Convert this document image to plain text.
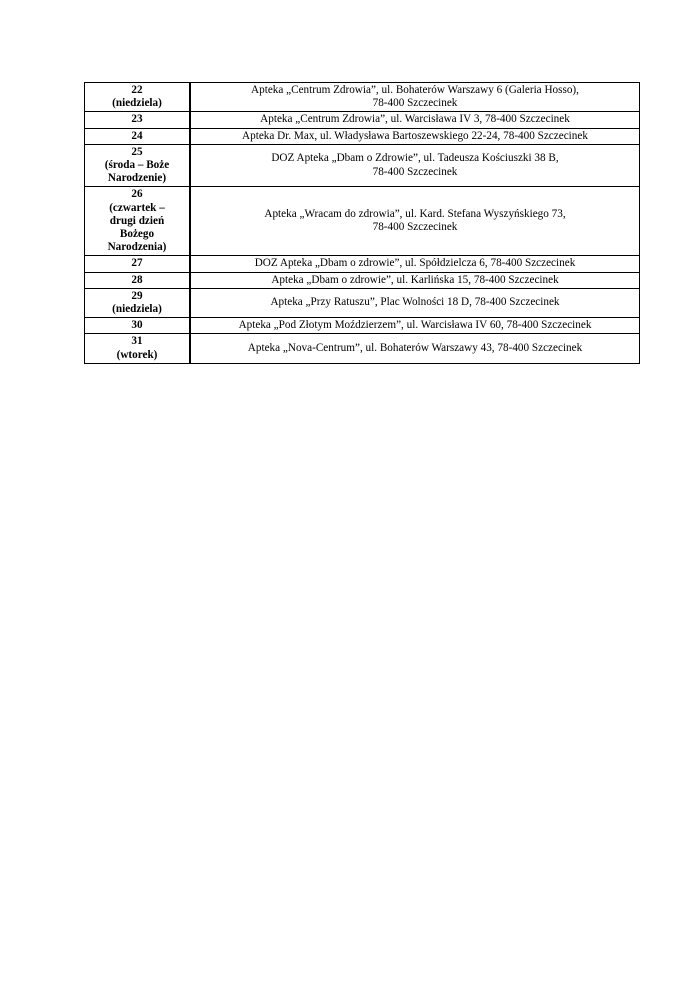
22
(niedziela)	Apteka „Centrum Zdrowia”, ul. Bohaterów Warszawy 6 (Galeria Hosso),
78-400 Szczecinek

23	Apteka „Centrum Zdrowia”, ul. Warcisława IV 3, 78-400 Szczecinek

24	Apteka Dr. Max, ul. Władysława Bartoszewskiego 22-24, 78-400 Szczecinek

25
(środa – Boże
Narodzenie)	DOZ Apteka „Dbam o Zdrowie”, ul. Tadeusza Kościuszki 38 B,
78-400 Szczecinek

26
(czwartek –
drugi dzień
Bożego
Narodzenia)	Apteka „Wracam do zdrowia”, ul. Kard. Stefana Wyszyńskiego 73,
78-400 Szczecinek

27	DOZ Apteka „Dbam o zdrowie”, ul. Spółdzielcza 6, 78-400 Szczecinek

28	Apteka „Dbam o zdrowie”, ul. Karlińska 15, 78-400 Szczecinek

29
(niedziela)	Apteka „Przy Ratuszu”, Plac Wolności 18 D, 78-400 Szczecinek

30	Apteka „Pod Złotym Moździerzem”, ul. Warcisława IV 60, 78-400 Szczecinek

31
(wtorek)	Apteka „Nova-Centrum”, ul. Bohaterów Warszawy 43, 78-400 Szczecinek
